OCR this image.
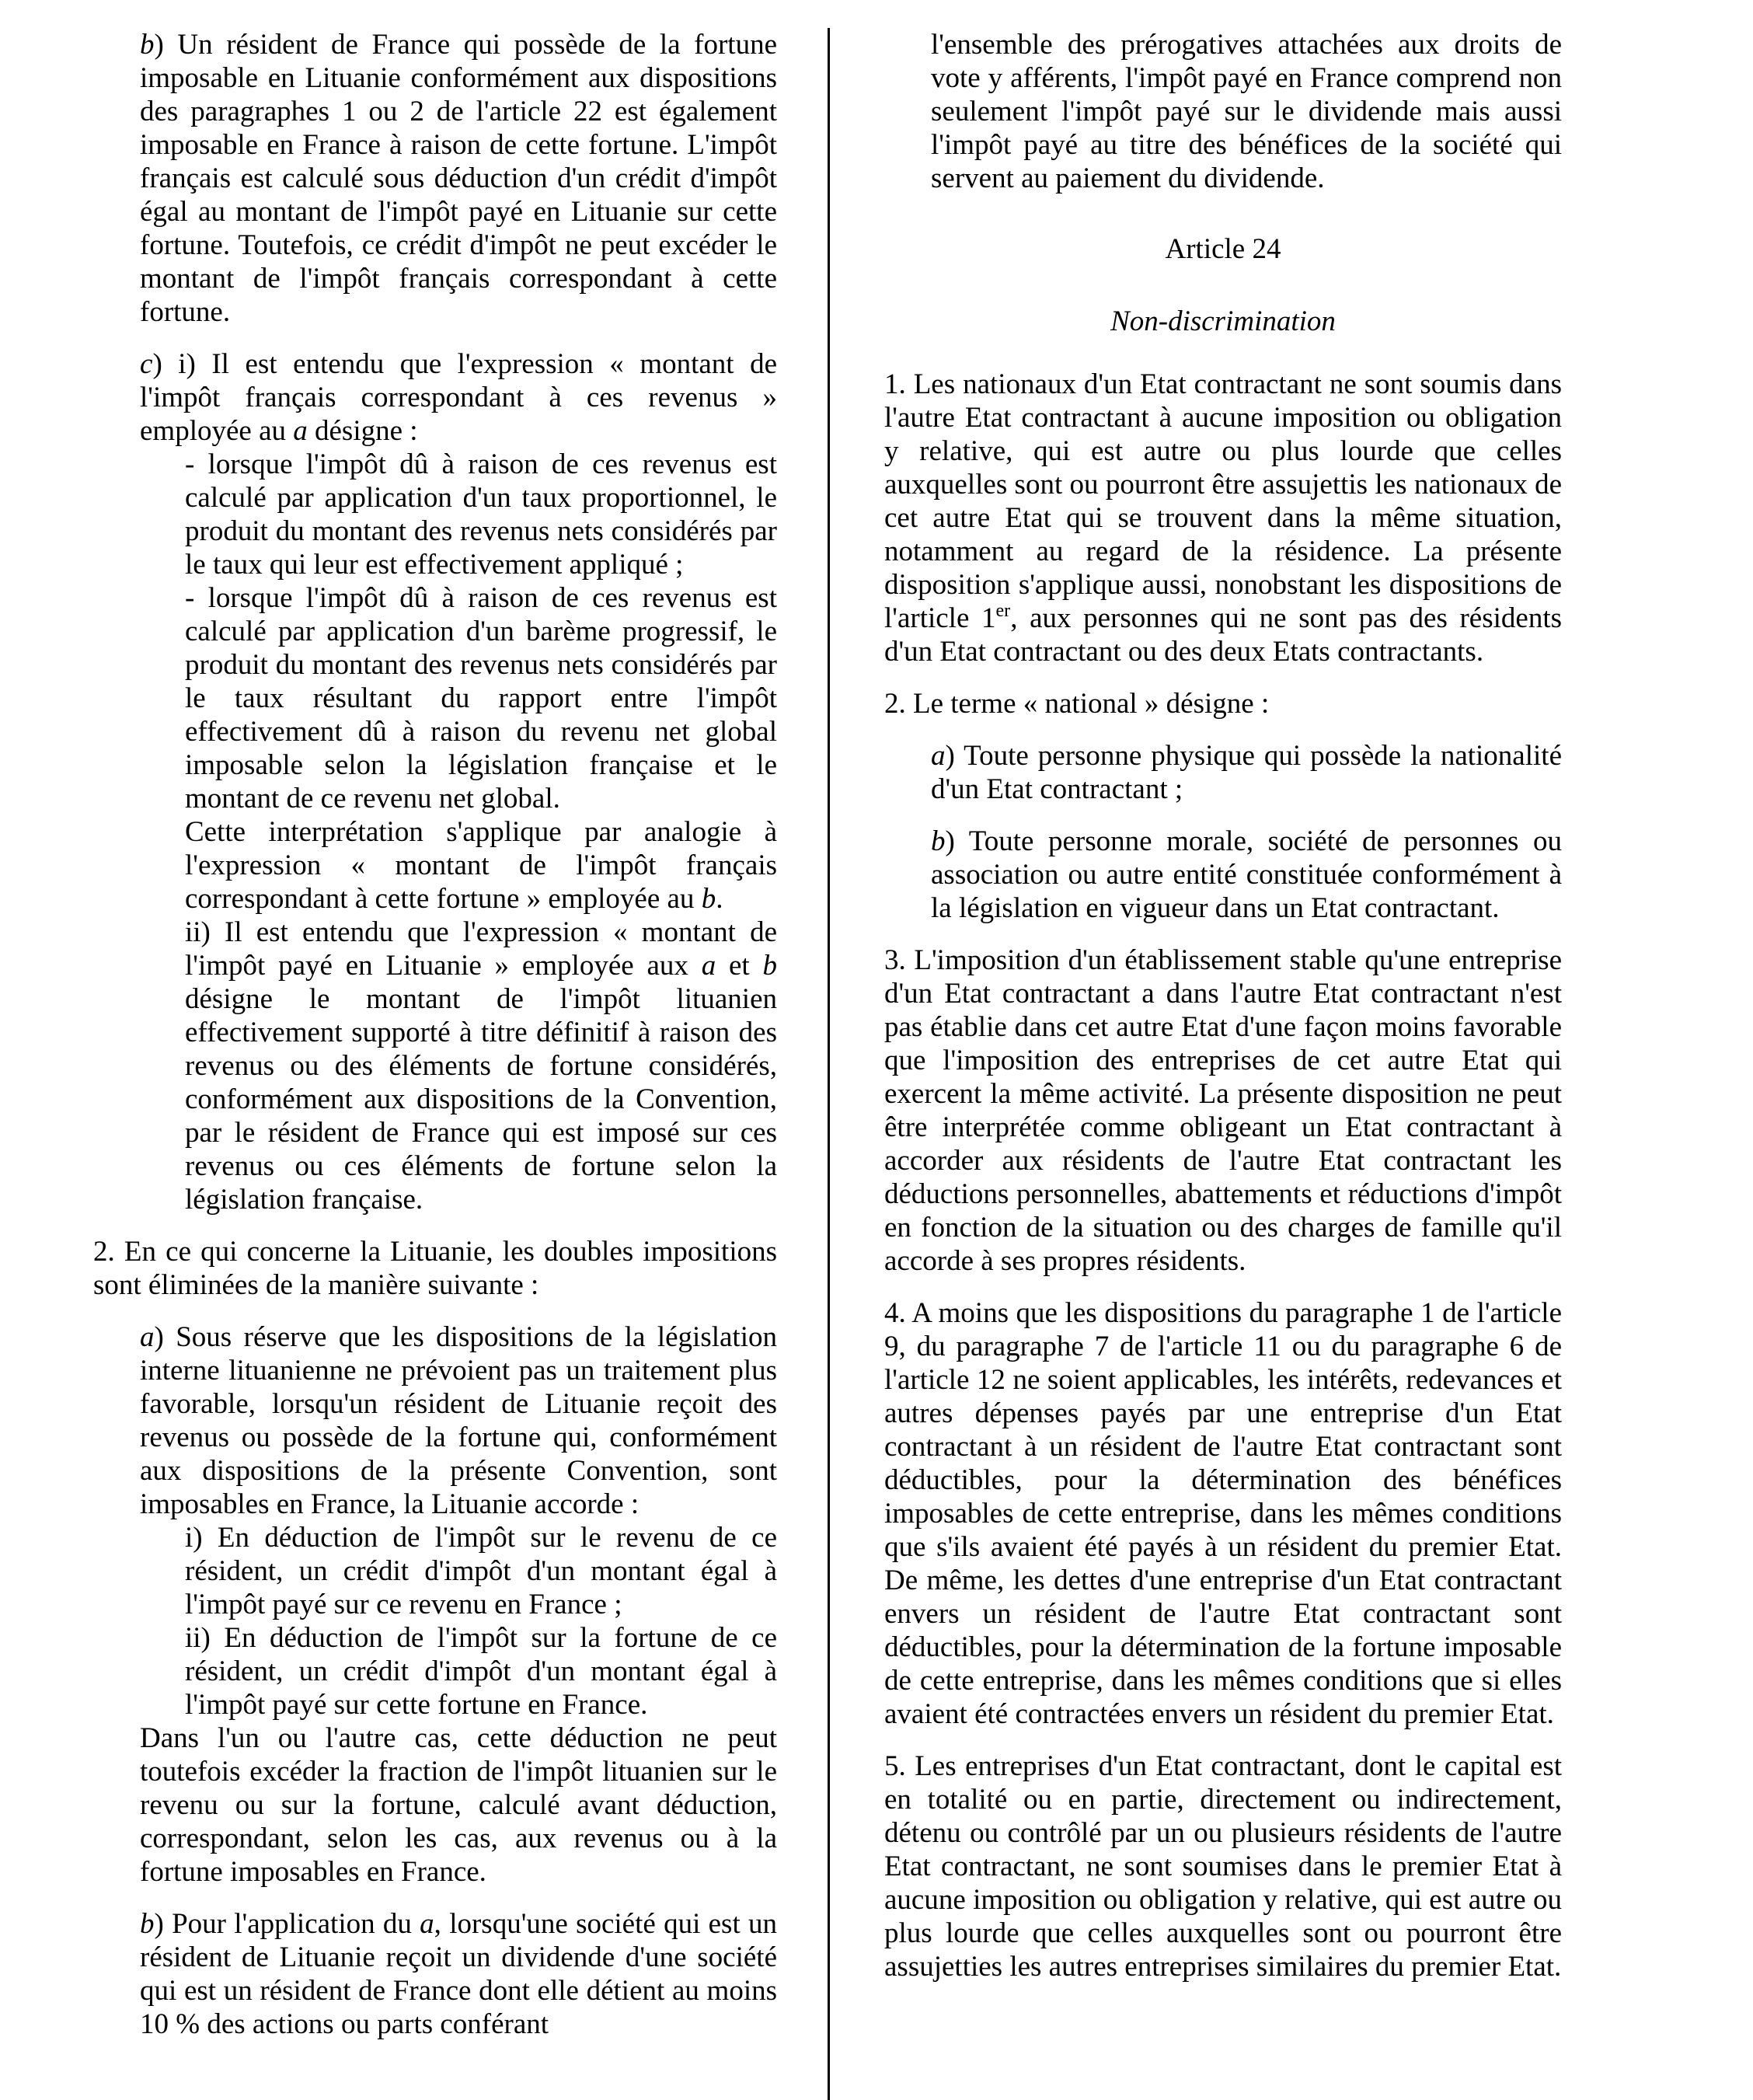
b) Un résident de France qui possède de la fortune imposable en Lituanie conformément aux dispositions des paragraphes 1 ou 2 de l'article 22 est également imposable en France à raison de cette fortune. L'impôt français est calculé sous déduction d'un crédit d'impôt égal au montant de l'impôt payé en Lituanie sur cette fortune. Toutefois, ce crédit d'impôt ne peut excéder le montant de l'impôt français correspondant à cette fortune.

c) i) Il est entendu que l'expression « montant de l'impôt français correspondant à ces revenus » employée au a désigne :

- lorsque l'impôt dû à raison de ces revenus est calculé par application d'un taux proportionnel, le produit du montant des revenus nets considérés par le taux qui leur est effectivement appliqué ;

- lorsque l'impôt dû à raison de ces revenus est calculé par application d'un barème progressif, le produit du montant des revenus nets considérés par le taux résultant du rapport entre l'impôt effectivement dû à raison du revenu net global imposable selon la législation française et le montant de ce revenu net global.

Cette interprétation s'applique par analogie à l'expression « montant de l'impôt français correspondant à cette fortune » employée au b.

ii) Il est entendu que l'expression « montant de l'impôt payé en Lituanie » employée aux a et b désigne le montant de l'impôt lituanien effectivement supporté à titre définitif à raison des revenus ou des éléments de fortune considérés, conformément aux dispositions de la Convention, par le résident de France qui est imposé sur ces revenus ou ces éléments de fortune selon la législation française.

2. En ce qui concerne la Lituanie, les doubles impositions sont éliminées de la manière suivante :

a) Sous réserve que les dispositions de la législation interne lituanienne ne prévoient pas un traitement plus favorable, lorsqu'un résident de Lituanie reçoit des revenus ou possède de la fortune qui, conformément aux dispositions de la présente Convention, sont imposables en France, la Lituanie accorde :

i) En déduction de l'impôt sur le revenu de ce résident, un crédit d'impôt d'un montant égal à l'impôt payé sur ce revenu en France ;

ii) En déduction de l'impôt sur la fortune de ce résident, un crédit d'impôt d'un montant égal à l'impôt payé sur cette fortune en France.

Dans l'un ou l'autre cas, cette déduction ne peut toutefois excéder la fraction de l'impôt lituanien sur le revenu ou sur la fortune, calculé avant déduction, correspondant, selon les cas, aux revenus ou à la fortune imposables en France.

b) Pour l'application du a, lorsqu'une société qui est un résident de Lituanie reçoit un dividende d'une société qui est un résident de France dont elle détient au moins 10 % des actions ou parts conférant

l'ensemble des prérogatives attachées aux droits de vote y afférents, l'impôt payé en France comprend non seulement l'impôt payé sur le dividende mais aussi l'impôt payé au titre des bénéfices de la société qui servent au paiement du dividende.

Article 24

Non-discrimination

1. Les nationaux d'un Etat contractant ne sont soumis dans l'autre Etat contractant à aucune imposition ou obligation y relative, qui est autre ou plus lourde que celles auxquelles sont ou pourront être assujettis les nationaux de cet autre Etat qui se trouvent dans la même situation, notamment au regard de la résidence. La présente disposition s'applique aussi, nonobstant les dispositions de l'article 1er, aux personnes qui ne sont pas des résidents d'un Etat contractant ou des deux Etats contractants.

2. Le terme « national » désigne :

a) Toute personne physique qui possède la nationalité d'un Etat contractant ;

b) Toute personne morale, société de personnes ou association ou autre entité constituée conformément à la législation en vigueur dans un Etat contractant.

3. L'imposition d'un établissement stable qu'une entreprise d'un Etat contractant a dans l'autre Etat contractant n'est pas établie dans cet autre Etat d'une façon moins favorable que l'imposition des entreprises de cet autre Etat qui exercent la même activité. La présente disposition ne peut être interprétée comme obligeant un Etat contractant à accorder aux résidents de l'autre Etat contractant les déductions personnelles, abattements et réductions d'impôt en fonction de la situation ou des charges de famille qu'il accorde à ses propres résidents.

4. A moins que les dispositions du paragraphe 1 de l'article 9, du paragraphe 7 de l'article 11 ou du paragraphe 6 de l'article 12 ne soient applicables, les intérêts, redevances et autres dépenses payés par une entreprise d'un Etat contractant à un résident de l'autre Etat contractant sont déductibles, pour la détermination des bénéfices imposables de cette entreprise, dans les mêmes conditions que s'ils avaient été payés à un résident du premier Etat. De même, les dettes d'une entreprise d'un Etat contractant envers un résident de l'autre Etat contractant sont déductibles, pour la détermination de la fortune imposable de cette entreprise, dans les mêmes conditions que si elles avaient été contractées envers un résident du premier Etat.

5. Les entreprises d'un Etat contractant, dont le capital est en totalité ou en partie, directement ou indirectement, détenu ou contrôlé par un ou plusieurs résidents de l'autre Etat contractant, ne sont soumises dans le premier Etat à aucune imposition ou obligation y relative, qui est autre ou plus lourde que celles auxquelles sont ou pourront être assujetties les autres entreprises similaires du premier Etat.
